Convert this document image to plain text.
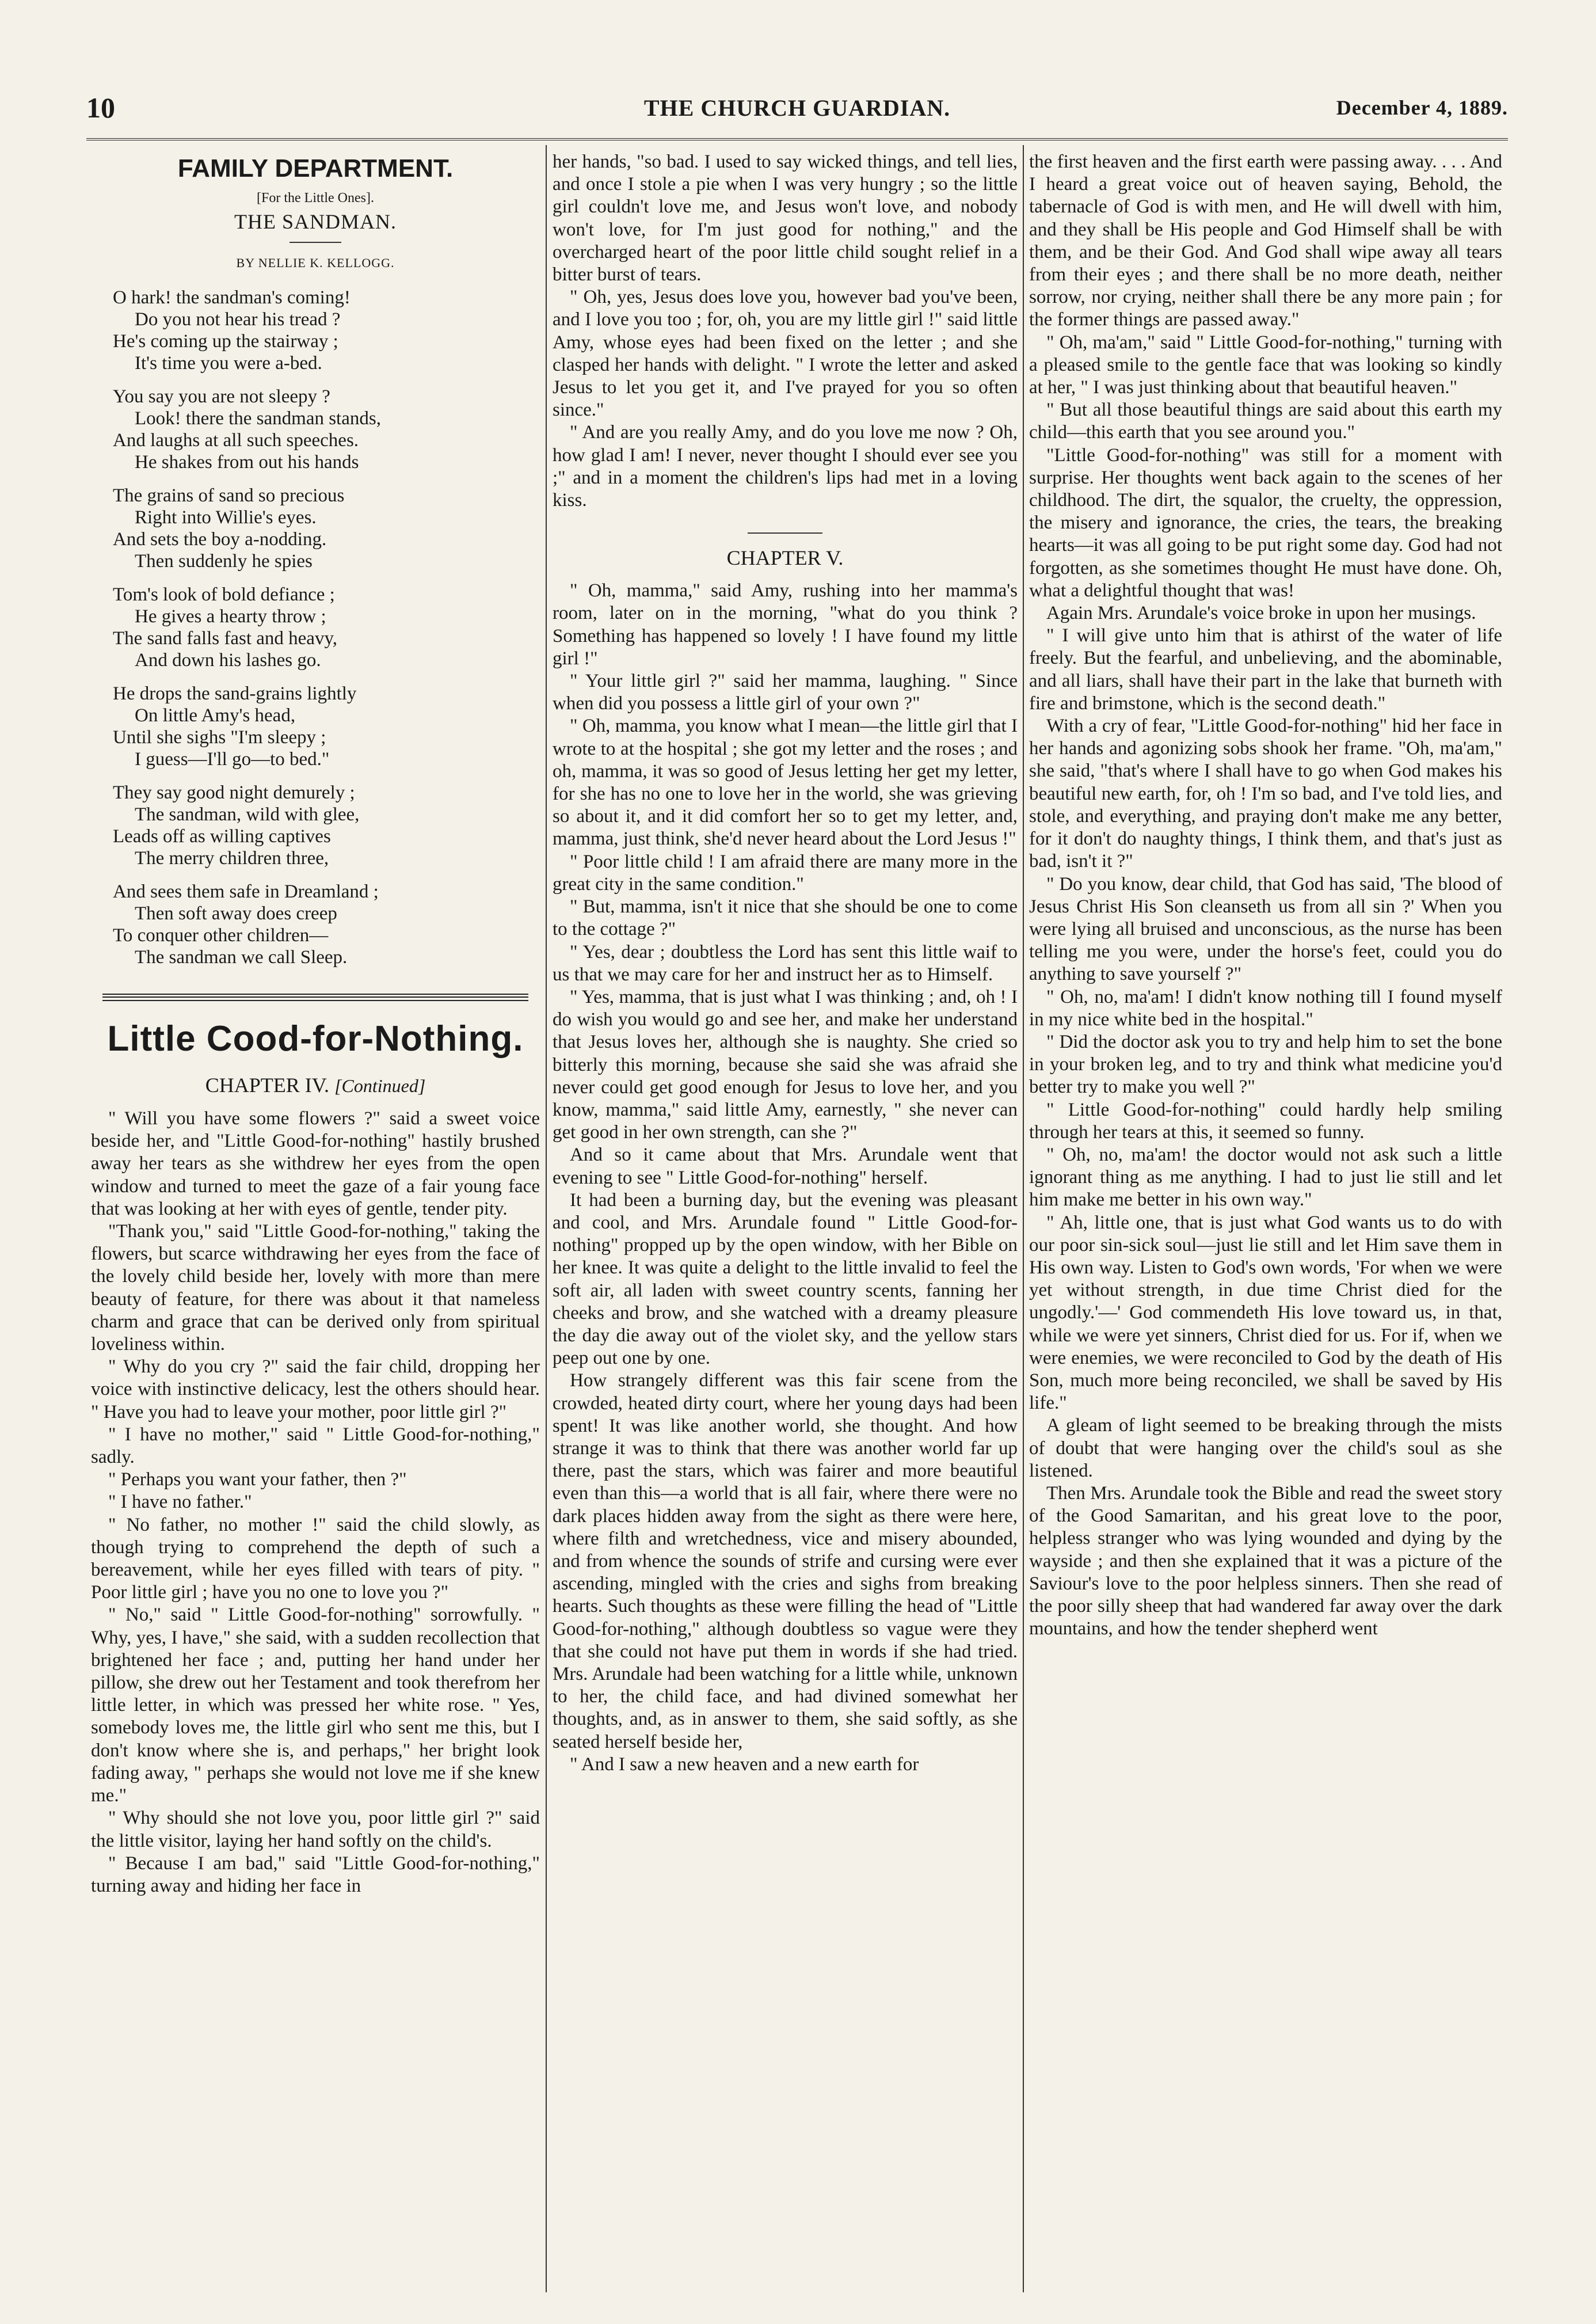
10	THE CHURCH GUARDIAN.	December 4, 1889.
FAMILY DEPARTMENT.
[For the Little Ones].
THE SANDMAN.
BY NELLIE K. KELLOGG.
O hark! the sandman's coming!
Do you not hear his tread ?
He's coming up the stairway ;
It's time you were a-bed.
You say you are not sleepy ?
Look! there the sandman stands,
And laughs at all such speeches.
He shakes from out his hands
The grains of sand so precious
Right into Willie's eyes.
And sets the boy a-nodding.
Then suddenly he spies
Tom's look of bold defiance ;
He gives a hearty throw ;
The sand falls fast and heavy,
And down his lashes go.
He drops the sand-grains lightly
On little Amy's head,
Until she sighs "I'm sleepy ;
I guess—I'll go—to bed."
They say good night demurely ;
The sandman, wild with glee,
Leads off as willing captives
The merry children three,
And sees them safe in Dreamland ;
Then soft away does creep
To conquer other children—
The sandman we call Sleep.
Little Cood-for-Nothing.
CHAPTER IV. [Continued]

" Will you have some flowers ?" said a sweet voice beside her, and "Little Good-for-nothing" hastily brushed away her tears as she withdrew her eyes from the open window and turned to meet the gaze of a fair young face that was looking at her with eyes of gentle, tender pity.

"Thank you," said "Little Good-for-nothing," taking the flowers, but scarce withdrawing her eyes from the face of the lovely child beside her, lovely with more than mere beauty of feature, for there was about it that nameless charm and grace that can be derived only from spiritual loveliness within.

" Why do you cry ?" said the fair child, dropping her voice with instinctive delicacy, lest the others should hear. " Have you had to leave your mother, poor little girl ?"

" I have no mother," said " Little Good-for-nothing," sadly.

" Perhaps you want your father, then ?"

" I have no father."

" No father, no mother !" said the child slowly, as though trying to comprehend the depth of such a bereavement, while her eyes filled with tears of pity. " Poor little girl ; have you no one to love you ?"

" No," said " Little Good-for-nothing" sorrowfully. " Why, yes, I have," she said, with a sudden recollection that brightened her face ; and, putting her hand under her pillow, she drew out her Testament and took therefrom her little letter, in which was pressed her white rose. " Yes, somebody loves me, the little girl who sent me this, but I don't know where she is, and perhaps," her bright look fading away, " perhaps she would not love me if she knew me."

" Why should she not love you, poor little girl ?" said the little visitor, laying her hand softly on the child's.

" Because I am bad," said "Little Good-for-nothing," turning away and hiding her face in

her hands, "so bad. I used to say wicked things, and tell lies, and once I stole a pie when I was very hungry ; so the little girl couldn't love me, and Jesus won't love, and nobody won't love, for I'm just good for nothing," and the overcharged heart of the poor little child sought relief in a bitter burst of tears.

" Oh, yes, Jesus does love you, however bad you've been, and I love you too ; for, oh, you are my little girl !" said little Amy, whose eyes had been fixed on the letter ; and she clasped her hands with delight. " I wrote the letter and asked Jesus to let you get it, and I've prayed for you so often since."

" And are you really Amy, and do you love me now ? Oh, how glad I am! I never, never thought I should ever see you ;" and in a moment the children's lips had met in a loving kiss.

CHAPTER V.

" Oh, mamma," said Amy, rushing into her mamma's room, later on in the morning, "what do you think ? Something has happened so lovely ! I have found my little girl !"

" Your little girl ?" said her mamma, laughing. " Since when did you possess a little girl of your own ?"

" Oh, mamma, you know what I mean—the little girl that I wrote to at the hospital ; she got my letter and the roses ; and oh, mamma, it was so good of Jesus letting her get my letter, for she has no one to love her in the world, she was grieving so about it, and it did comfort her so to get my letter, and, mamma, just think, she'd never heard about the Lord Jesus !"

" Poor little child ! I am afraid there are many more in the great city in the same condition."

" But, mamma, isn't it nice that she should be one to come to the cottage ?"

" Yes, dear ; doubtless the Lord has sent this little waif to us that we may care for her and instruct her as to Himself.

" Yes, mamma, that is just what I was thinking ; and, oh ! I do wish you would go and see her, and make her understand that Jesus loves her, although she is naughty. She cried so bitterly this morning, because she said she was afraid she never could get good enough for Jesus to love her, and you know, mamma," said little Amy, earnestly, " she never can get good in her own strength, can she ?"

And so it came about that Mrs. Arundale went that evening to see " Little Good-for-nothing" herself.

It had been a burning day, but the evening was pleasant and cool, and Mrs. Arundale found " Little Good-for-nothing" propped up by the open window, with her Bible on her knee. It was quite a delight to the little invalid to feel the soft air, all laden with sweet country scents, fanning her cheeks and brow, and she watched with a dreamy pleasure the day die away out of the violet sky, and the yellow stars peep out one by one.

How strangely different was this fair scene from the crowded, heated dirty court, where her young days had been spent! It was like another world, she thought. And how strange it was to think that there was another world far up there, past the stars, which was fairer and more beautiful even than this—a world that is all fair, where there were no dark places hidden away from the sight as there were here, where filth and wretchedness, vice and misery abounded, and from whence the sounds of strife and cursing were ever ascending, mingled with the cries and sighs from breaking hearts. Such thoughts as these were filling the head of "Little Good-for-nothing," although doubtless so vague were they that she could not have put them in words if she had tried. Mrs. Arundale had been watching for a little while, unknown to her, the child face, and had divined somewhat her thoughts, and, as in answer to them, she said softly, as she seated herself beside her,

" And I saw a new heaven and a new earth for

the first heaven and the first earth were passing away. . . . And I heard a great voice out of heaven saying, Behold, the tabernacle of God is with men, and He will dwell with him, and they shall be His people and God Himself shall be with them, and be their God. And God shall wipe away all tears from their eyes ; and there shall be no more death, neither sorrow, nor crying, neither shall there be any more pain ; for the former things are passed away."

" Oh, ma'am," said " Little Good-for-nothing," turning with a pleased smile to the gentle face that was looking so kindly at her, " I was just thinking about that beautiful heaven."

" But all those beautiful things are said about this earth my child—this earth that you see around you."

"Little Good-for-nothing" was still for a moment with surprise. Her thoughts went back again to the scenes of her childhood. The dirt, the squalor, the cruelty, the oppression, the misery and ignorance, the cries, the tears, the breaking hearts—it was all going to be put right some day. God had not forgotten, as she sometimes thought He must have done. Oh, what a delightful thought that was!

Again Mrs. Arundale's voice broke in upon her musings.

" I will give unto him that is athirst of the water of life freely. But the fearful, and unbelieving, and the abominable, and all liars, shall have their part in the lake that burneth with fire and brimstone, which is the second death."

With a cry of fear, "Little Good-for-nothing" hid her face in her hands and agonizing sobs shook her frame. "Oh, ma'am," she said, "that's where I shall have to go when God makes his beautiful new earth, for, oh ! I'm so bad, and I've told lies, and stole, and everything, and praying don't make me any better, for it don't do naughty things, I think them, and that's just as bad, isn't it ?"

" Do you know, dear child, that God has said, 'The blood of Jesus Christ His Son cleanseth us from all sin ?' When you were lying all bruised and unconscious, as the nurse has been telling me you were, under the horse's feet, could you do anything to save yourself ?"

" Oh, no, ma'am! I didn't know nothing till I found myself in my nice white bed in the hospital."

" Did the doctor ask you to try and help him to set the bone in your broken leg, and to try and think what medicine you'd better try to make you well ?"

" Little Good-for-nothing" could hardly help smiling through her tears at this, it seemed so funny.

" Oh, no, ma'am! the doctor would not ask such a little ignorant thing as me anything. I had to just lie still and let him make me better in his own way."

" Ah, little one, that is just what God wants us to do with our poor sin-sick soul—just lie still and let Him save them in His own way. Listen to God's own words, 'For when we were yet without strength, in due time Christ died for the ungodly.'—' God commendeth His love toward us, in that, while we were yet sinners, Christ died for us. For if, when we were enemies, we were reconciled to God by the death of His Son, much more being reconciled, we shall be saved by His life."

A gleam of light seemed to be breaking through the mists of doubt that were hanging over the child's soul as she listened.

Then Mrs. Arundale took the Bible and read the sweet story of the Good Samaritan, and his great love to the poor, helpless stranger who was lying wounded and dying by the wayside ; and then she explained that it was a picture of the Saviour's love to the poor helpless sinners. Then she read of the poor silly sheep that had wandered far away over the dark mountains, and how the tender shepherd went
